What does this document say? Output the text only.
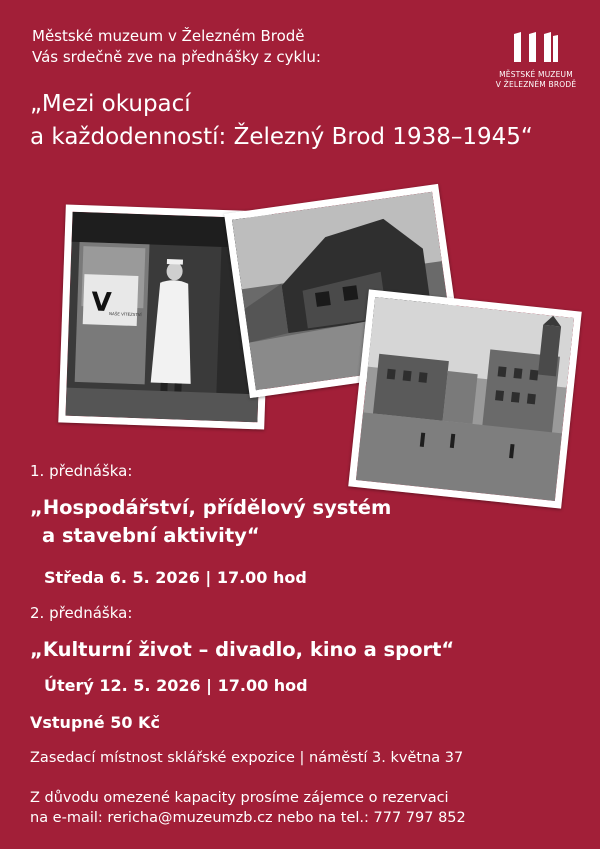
Městské muzeum v Železném Brodě
Vás srdečně zve na přednášky z cyklu:
MĚSTSKÉ MUZEUM
V ŽELEZNÉM BRODĚ
„Mezi okupací
a každodenností: Železný Brod 1938–1945“
V
NAŠE VÍTĚZSTVÍ
1. přednáška:
„Hospodářství, přídělový systém
a stavební aktivity“
Středa 6. 5. 2026 | 17.00 hod
2. přednáška:
„Kulturní život – divadlo, kino a sport“
Úterý 12. 5. 2026 | 17.00 hod
Vstupné 50 Kč
Zasedací místnost sklářské expozice | náměstí 3. května 37
Z důvodu omezené kapacity prosíme zájemce o rezervaci
na e-mail: rericha@muzeumzb.cz nebo na tel.: 777 797 852
